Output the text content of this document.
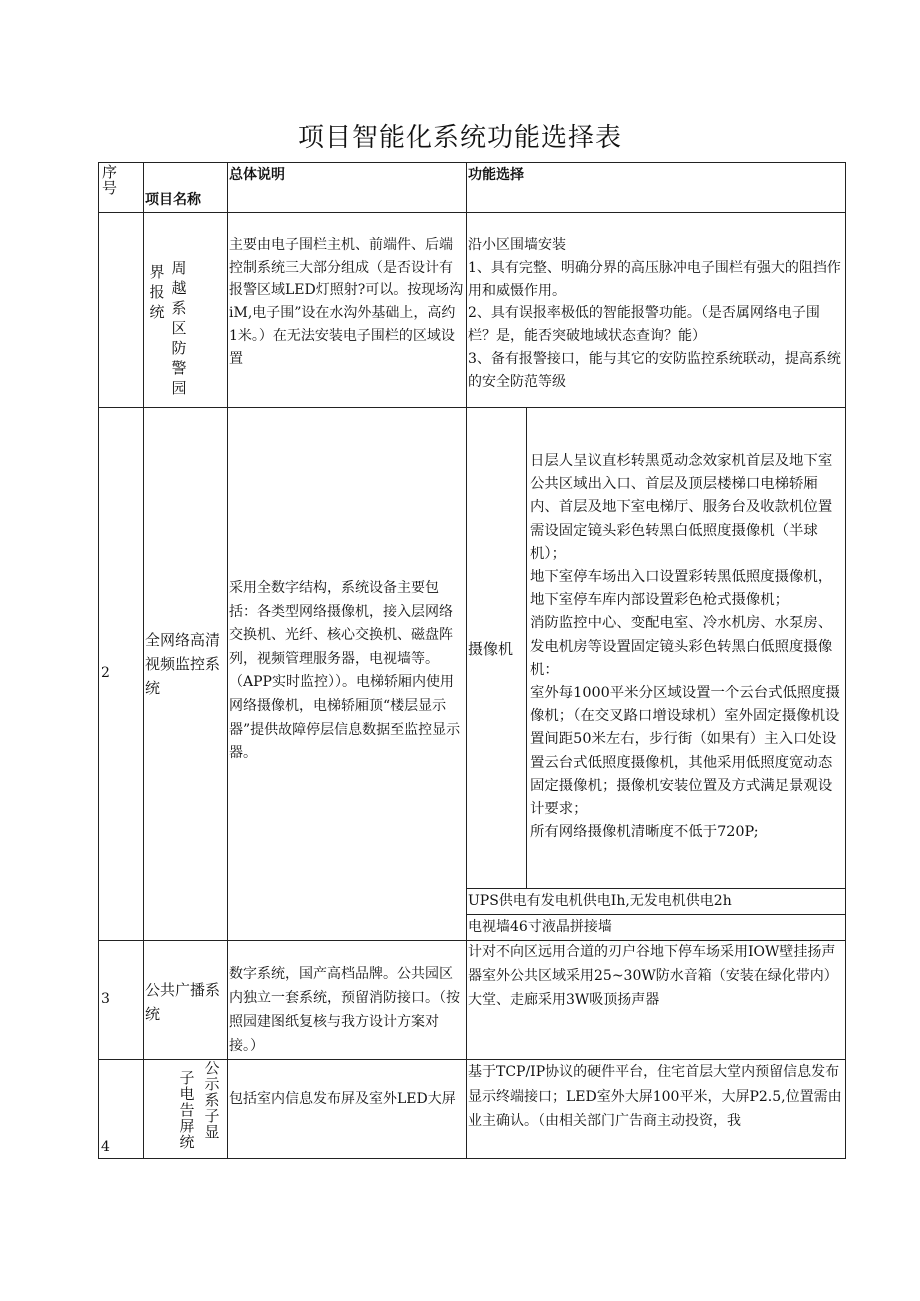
项目智能化系统功能选择表
序号
项目名称
总体说明	功能选择
界报统
周越系区防警园
主要由电子围栏主机、前端件、后端控制系统三大部分组成（是否设计有报警区域LED灯照射?可以。按现场沟iM,电子围”设在水沟外基础上，高约1米。）在无法安装电子围栏的区域设置
沿小区围墙安装
1、具有完整、明确分界的高压脉冲电子围栏有强大的阻挡作用和威慑作用。
2、具有误报率极低的智能报警功能。（是否属网络电子围栏？是，能否突破地域状态查询？能）
3、备有报警接口，能与其它的安防监控系统联动，提高系统的安全防范等级
2
全网络高清视频监控系统
采用全数字结构，系统设备主要包括：各类型网络摄像机，接入层网络交换机、光纤、核心交换机、磁盘阵列，视频管理服务器，电视墙等。（APP实时监控））。电梯轿厢内使用网络摄像机，电梯轿厢顶“楼层显示器”提供故障停层信息数据至监控显示器。
摄像机
日层人呈议直杉转黑觅动念效家机首层及地下室公共区域出入口、首层及顶层楼梯口电梯轿厢内、首层及地下室电梯厅、服务台及收款机位置需设固定镜头彩色转黑白低照度摄像机（半球机）；
地下室停车场出入口设置彩转黑低照度摄像机，地下室停车库内部设置彩色枪式摄像机；
消防监控中心、变配电室、冷水机房、水泵房、发电机房等设置固定镜头彩色转黑白低照度摄像机：
室外每1000平米分区域设置一个云台式低照度摄像机；（在交叉路口增设球机）室外固定摄像机设置间距50米左右，步行街（如果有）主入口处设置云台式低照度摄像机，其他采用低照度宽动态固定摄像机；摄像机安装位置及方式满足景观设计要求；
所有网络摄像机清晰度不低于720P;
UPS供电有发电机供电Ih,无发电机供电2h
电视墙46寸液晶拼接墙
3 公共广播系统
数字系统，国产高档品牌。公共园区内独立一套系统，预留消防接口。（按照园建图纸复核与我方设计方案对接。）
计对不向区远用合道的刃户谷地下停车场采用IOW壁挂扬声器室外公共区域采用25~30W防水音箱（安装在绿化带内）大堂、走廊采用3W吸顶扬声器
4
子电告屏统
公示系子显
包括室内信息发布屏及室外LED大屏
基于TCP/IP协议的硬件平台，住宅首层大堂内预留信息发布显示终端接口；LED室外大屏100平米，大屏P2.5,位置需由业主确认。（由相关部门广告商主动投资，我
